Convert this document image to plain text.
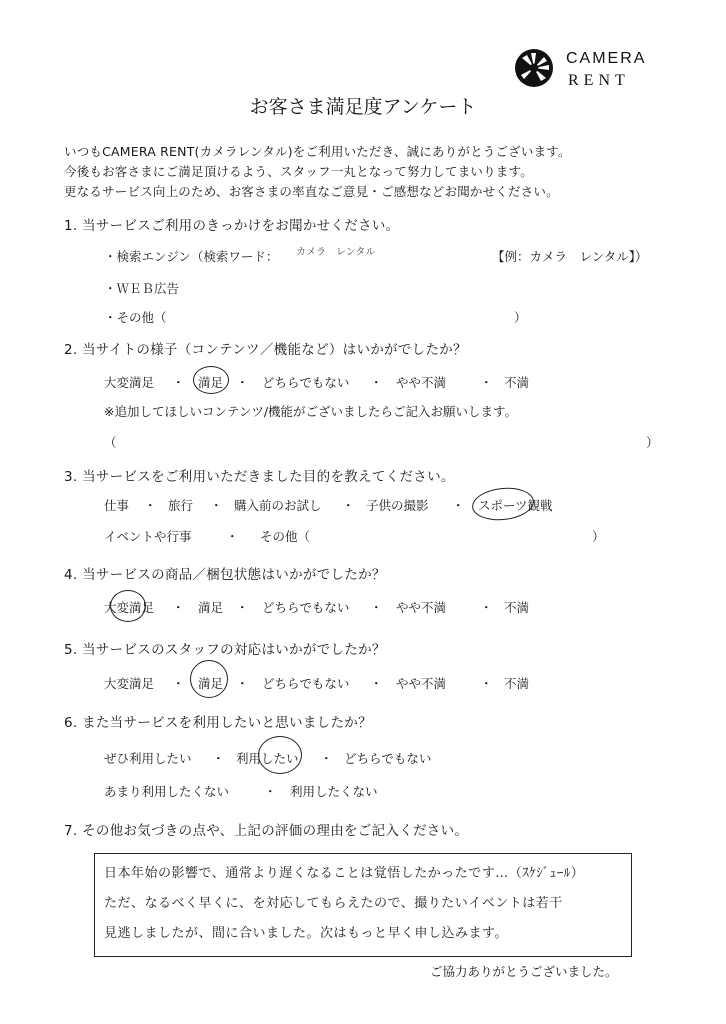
CAMERA
RENT
お客さま満足度アンケート
いつもCAMERA RENT(カメラレンタル)をご利用いただき、誠にありがとうございます。
今後もお客さまにご満足頂けるよう、スタッフ一丸となって努力してまいります。
更なるサービス向上のため、お客さまの率直なご意見・ご感想などお聞かせください。
1. 当サービスご利用のきっかけをお聞かせください。
・検索エンジン（検索ワード： カメラ　レンタル	【例：カメラ　レンタル】）
・ＷＥＢ広告
・その他（	）
2. 当サイトの様子（コンテンツ／機能など）はいかがでしたか？
大変満足 ・ 満足 ・ どちらでもない ・ やや不満	・ 不満
※追加してほしいコンテンツ/機能がございましたらご記入お願いします。
（	）
3. 当サービスをご利用いただきました目的を教えてください。
仕事 ・ 旅行 ・ 購入前のお試し ・ 子供の撮影 ・ スポーツ観戦
イベントや行事	・ その他（	）
4. 当サービスの商品／梱包状態はいかがでしたか？
大変満足 ・ 満足 ・ どちらでもない ・ やや不満	・ 不満
5. 当サービスのスタッフの対応はいかがでしたか？
大変満足 ・ 満足 ・ どちらでもない ・ やや不満	・ 不満
6. また当サービスを利用したいと思いましたか？
ぜひ利用したい ・ 利用したい ・ どちらでもない
あまり利用したくない	・ 利用したくない
7. その他お気づきの点や、上記の評価の理由をご記入ください。
日本年始の影響で、通常より遅くなることは覚悟したかったです…（ｽｹｼﾞｭｰﾙ）
ただ、なるべく早くに、を対応してもらえたので、撮りたいイベントは若干
見逃しましたが、間に合いました。次はもっと早く申し込みます。
ご協力ありがとうございました。
